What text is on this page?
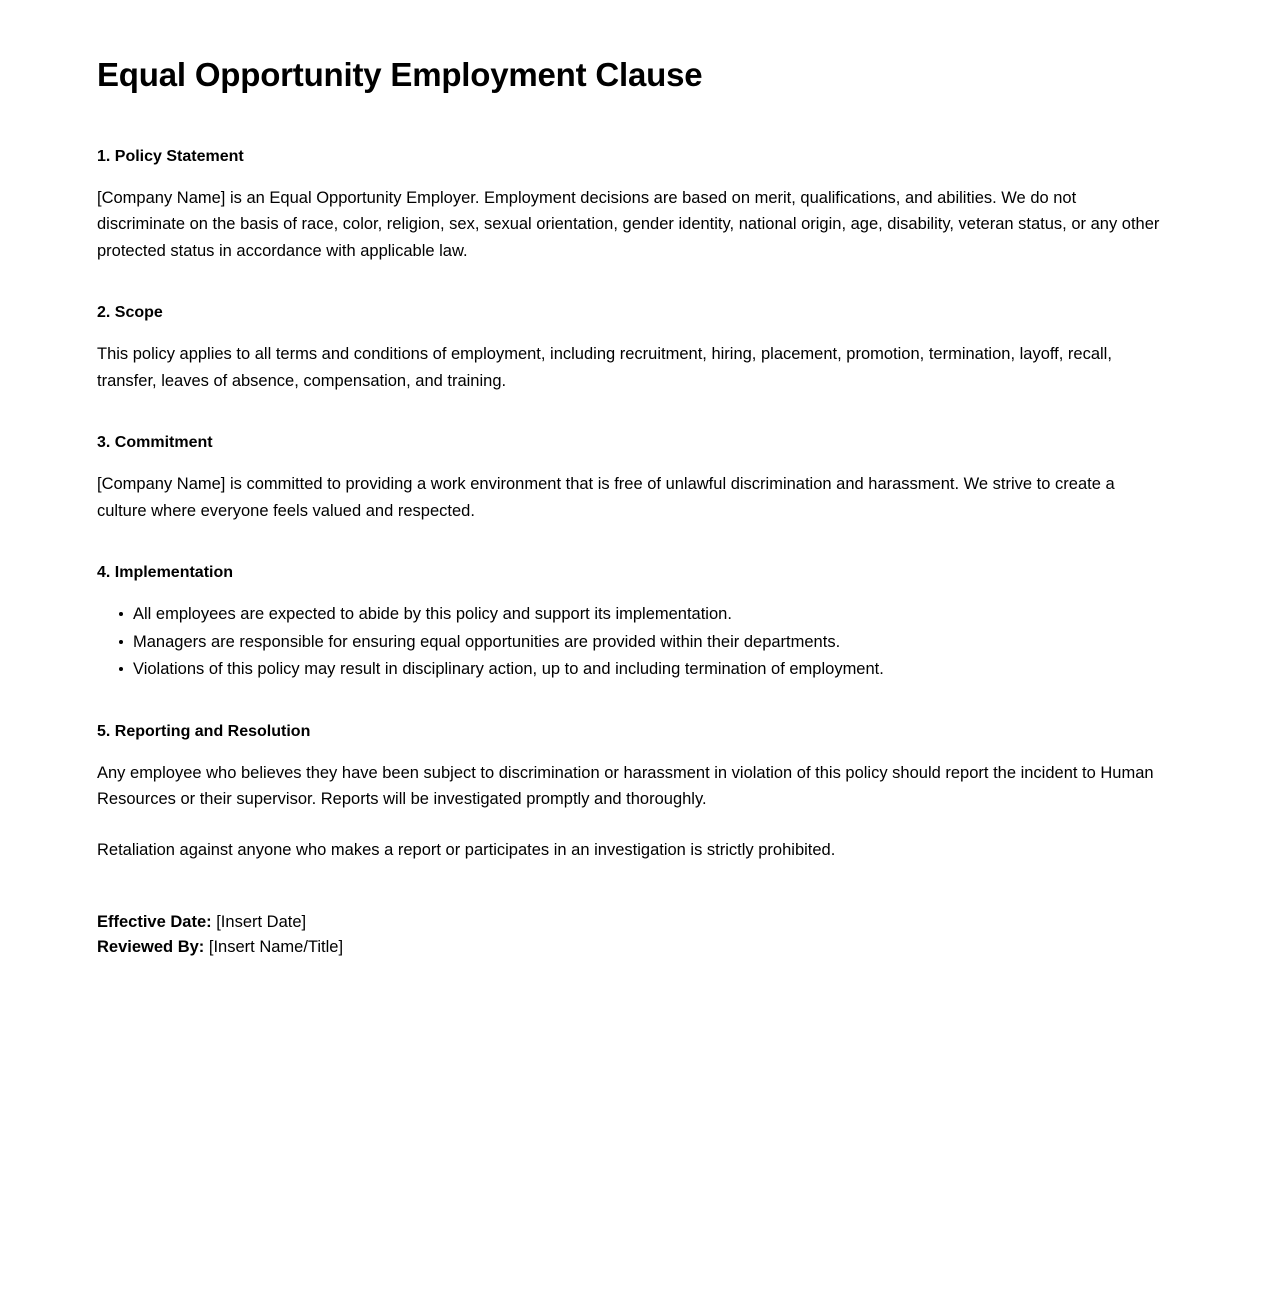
Equal Opportunity Employment Clause
1. Policy Statement

[Company Name] is an Equal Opportunity Employer. Employment decisions are based on merit, qualifications, and abilities. We do not discriminate on the basis of race, color, religion, sex, sexual orientation, gender identity, national origin, age, disability, veteran status, or any other protected status in accordance with applicable law.

2. Scope

This policy applies to all terms and conditions of employment, including recruitment, hiring, placement, promotion, termination, layoff, recall, transfer, leaves of absence, compensation, and training.

3. Commitment

[Company Name] is committed to providing a work environment that is free of unlawful discrimination and harassment. We strive to create a culture where everyone feels valued and respected.

4. Implementation
All employees are expected to abide by this policy and support its implementation.
Managers are responsible for ensuring equal opportunities are provided within their departments.
Violations of this policy may result in disciplinary action, up to and including termination of employment.
5. Reporting and Resolution

Any employee who believes they have been subject to discrimination or harassment in violation of this policy should report the incident to Human Resources or their supervisor. Reports will be investigated promptly and thoroughly.

Retaliation against anyone who makes a report or participates in an investigation is strictly prohibited.

Effective Date: [Insert Date]
Reviewed By: [Insert Name/Title]
